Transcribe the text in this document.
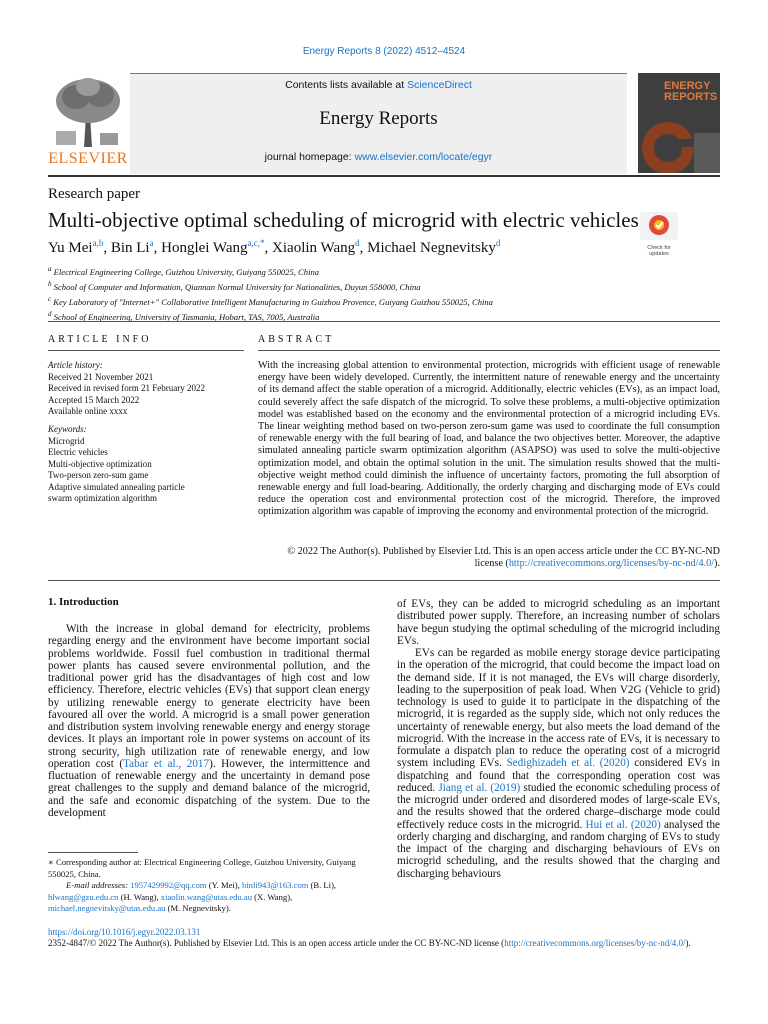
Energy Reports 8 (2022) 4512–4524
ELSEVIER
Contents lists available at ScienceDirect
Energy Reports
journal homepage: www.elsevier.com/locate/egyr
ENERGY
REPORTS
Research paper
Multi-objective optimal scheduling of microgrid with electric vehicles
Check for updates
Yu Mei$^{a,b}$, Bin Li$^a$, Honglei Wang$^{a,c,*}$, Xiaolin Wang$^d$, Michael Negnevitsky$^d$
$^a$ Electrical Engineering College, Guizhou University, Guiyang 550025, China
$^b$ School of Computer and Information, Qiannan Normal University for Nationalities, Duyun 558000, China
$^c$ Key Laboratory of "Internet+" Collaborative Intelligent Manufacturing in Guizhou Provence, Guiyang Guizhou 550025, China
$^d$ School of Engineering, University of Tasmania, Hobart, TAS, 7005, Australia
ARTICLE INFO	ABSTRACT
Article history:
Received 21 November 2021
Received in revised form 21 February 2022
Accepted 15 March 2022
Available online xxxx
Keywords:
Microgrid
Electric vehicles
Multi-objective optimization
Two-person zero-sum game
Adaptive simulated annealing particle
swarm optimization algorithm
With the increasing global attention to environmental protection, microgrids with efficient usage of renewable energy have been widely developed. Currently, the intermittent nature of renewable energy and the uncertainty of its demand affect the stable operation of a microgrid. Additionally, electric vehicles (EVs), as an impact load, could severely affect the safe dispatch of the microgrid. To solve these problems, a multi-objective optimization model was established based on the economy and the environmental protection of a microgrid including EVs. The linear weighting method based on two-person zero-sum game was used to coordinate the full consumption of renewable energy with the full bearing of load, and balance the two objectives better. Moreover, the adaptive simulated annealing particle swarm optimization algorithm (ASAPSO) was used to solve the multi-objective optimization model, and obtain the optimal solution in the unit. The simulation results showed that the multi-objective weight method could diminish the influence of uncertainty factors, promoting the full absorption of renewable energy and full load-bearing. Additionally, the orderly charging and discharging mode of EVs could reduce the operation cost and environmental protection cost of the microgrid. Therefore, the improved optimization algorithm was capable of improving the economy and environmental protection of the microgrid.
© 2022 The Author(s). Published by Elsevier Ltd. This is an open access article under the CC BY-NC-ND
license (http://creativecommons.org/licenses/by-nc-nd/4.0/).
1. Introduction

With the increase in global demand for electricity, problems regarding energy and the environment have become important social problems worldwide. Fossil fuel combustion in traditional thermal power plants has caused severe environmental pollution, and the traditional power grid has the disadvantages of high cost and low efficiency. Therefore, electric vehicles (EVs) that support clean energy by utilizing renewable energy to generate electricity have been favoured all over the world. A microgrid is a small power generation and distribution system involving renewable energy and energy storage devices. It plays an important role in power systems on account of its strong security, high utilization rate of renewable energy, and low operation cost (Tabar et al., 2017). However, the intermittence and fluctuation of renewable energy and the uncertainty in demand pose great challenges to the supply and demand balance of the microgrid, and the safe and economic dispatching of the system. Due to the development

of EVs, they can be added to microgrid scheduling as an important distributed power supply. Therefore, an increasing number of scholars have begun studying the optimal scheduling of the microgrid including EVs.

EVs can be regarded as mobile energy storage device participating in the operation of the microgrid, that could become the impact load on the demand side. If it is not managed, the EVs will charge disorderly, leading to the superposition of peak load. When V2G (Vehicle to grid) technology is used to guide it to participate in the dispatching of the microgrid, it is regarded as the supply side, which not only reduces the uncertainty of renewable energy, but also meets the load demand of the microgrid. With the increase in the access rate of EVs, it is necessary to formulate a dispatch plan to reduce the operating cost of a microgrid system including EVs. Sedighizadeh et al. (2020) considered EVs in dispatching and found that the corresponding operation cost was reduced. Jiang et al. (2019) studied the economic scheduling process of the microgrid under ordered and disordered modes of large-scale EVs, and the results showed that the ordered charge–discharge mode could effectively reduce costs in the microgrid. Hui et al. (2020) analysed the orderly charging and discharging, and random charging of EVs to study the impact of the charging and discharging behaviours of EVs on microgrid scheduling, and the results showed that the charging and discharging behaviours

∗ Corresponding author at: Electrical Engineering College, Guizhou University, Guiyang 550025, China.
E-mail addresses: 1957429992@qq.com (Y. Mei), binli943@163.com (B. Li), hlwang@gzu.edu.cn (H. Wang), xiaolin.wang@utas.edu.au (X. Wang), michael.negnevitsky@utas.edu.au (M. Negnevitsky).
https://doi.org/10.1016/j.egyr.2022.03.131
2352-4847/© 2022 The Author(s). Published by Elsevier Ltd. This is an open access article under the CC BY-NC-ND license (http://creativecommons.org/licenses/by-nc-nd/4.0/).
